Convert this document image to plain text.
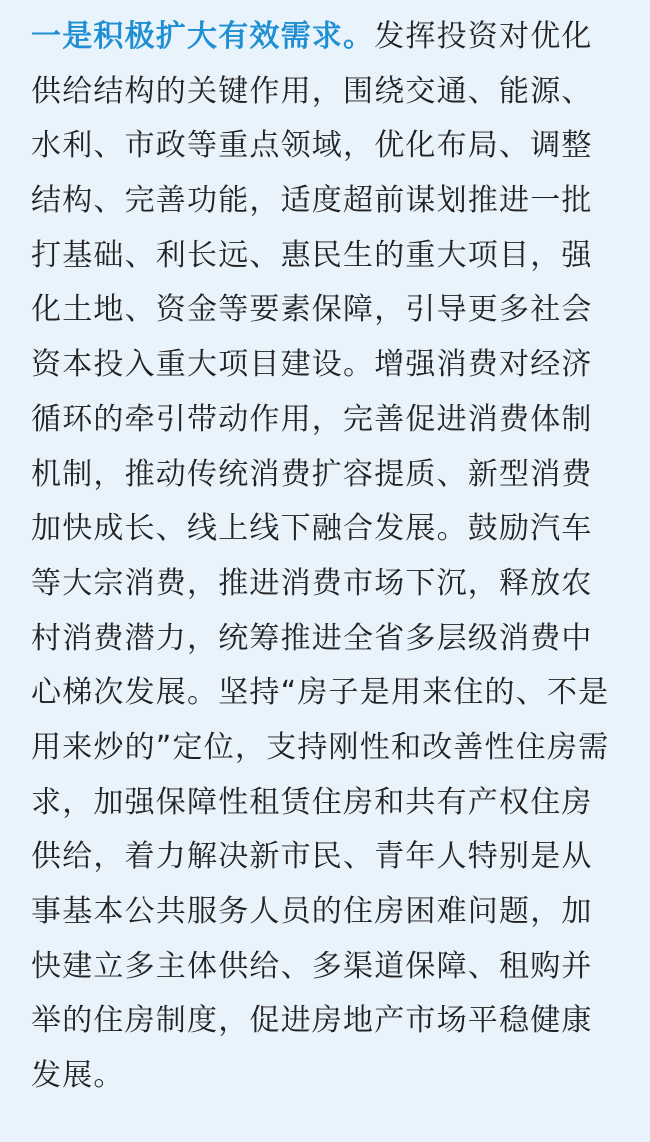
一是积极扩大有效需求。发挥投资对优化
供给结构的关键作用，围绕交通、能源、
水利、市政等重点领域，优化布局、调整
结构、完善功能，适度超前谋划推进一批
打基础、利长远、惠民生的重大项目，强
化土地、资金等要素保障，引导更多社会
资本投入重大项目建设。增强消费对经济
循环的牵引带动作用，完善促进消费体制
机制，推动传统消费扩容提质、新型消费
加快成长、线上线下融合发展。鼓励汽车
等大宗消费，推进消费市场下沉，释放农
村消费潜力，统筹推进全省多层级消费中
心梯次发展。坚持“房子是用来住的、不是
用来炒的”定位，支持刚性和改善性住房需
求，加强保障性租赁住房和共有产权住房
供给，着力解决新市民、青年人特别是从
事基本公共服务人员的住房困难问题，加
快建立多主体供给、多渠道保障、租购并
举的住房制度，促进房地产市场平稳健康
发展。
